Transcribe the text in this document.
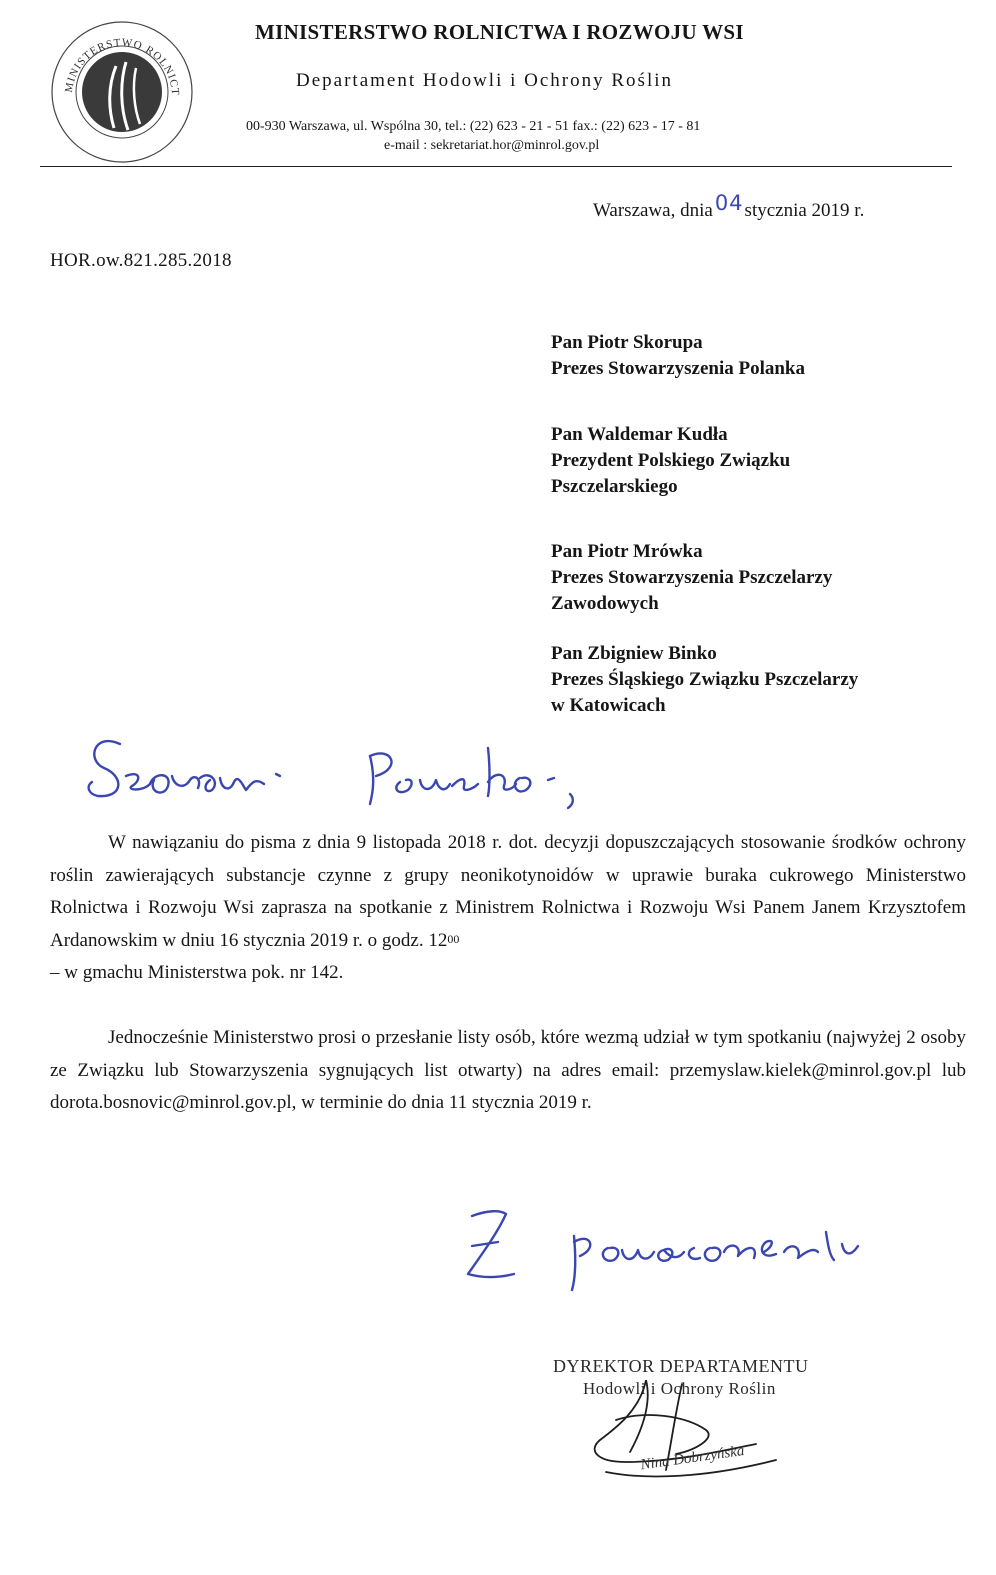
MINISTERSTWO ROLNICT
MINISTERSTWO ROLNICTWA I ROZWOJU WSI
Departament Hodowli i Ochrony Roślin
00-930 Warszawa, ul. Wspólna 30, tel.: (22) 623 - 21 - 51 fax.: (22) 623 - 17 - 81
e-mail : sekretariat.hor@minrol.gov.pl
Warszawa, dnia04stycznia 2019 r.
HOR.ow.821.285.2018
Pan Piotr Skorupa
Prezes Stowarzyszenia Polanka
Pan Waldemar Kudła
Prezydent Polskiego Związku
Pszczelarskiego
Pan Piotr Mrówka
Prezes Stowarzyszenia Pszczelarzy
Zawodowych
Pan Zbigniew Binko
Prezes Śląskiego Związku Pszczelarzy
w Katowicach

W nawiązaniu do pisma z dnia 9 listopada 2018 r. dot. decyzji dopuszczających stosowanie środków ochrony roślin zawierających substancje czynne z grupy neonikotynoidów w uprawie buraka cukrowego Ministerstwo Rolnictwa i Rozwoju Wsi zaprasza na spotkanie z Ministrem Rolnictwa i Rozwoju Wsi Panem Janem Krzysztofem Ardanowskim w dniu 16 stycznia 2019 r. o godz. $12^{00}$

– w gmachu Ministerstwa pok. nr 142.

Jednocześnie Ministerstwo prosi o przesłanie listy osób, które wezmą udział w tym spotkaniu (najwyżej 2 osoby ze Związku lub Stowarzyszenia sygnujących list otwarty) na adres email: przemyslaw.kielek@minrol.gov.pl lub dorota.bosnovic@minrol.gov.pl, w terminie do dnia 11 stycznia 2019 r.

DYREKTOR DEPARTAMENTU
Hodowli i Ochrony Roślin
Nina Dobrzyńska
